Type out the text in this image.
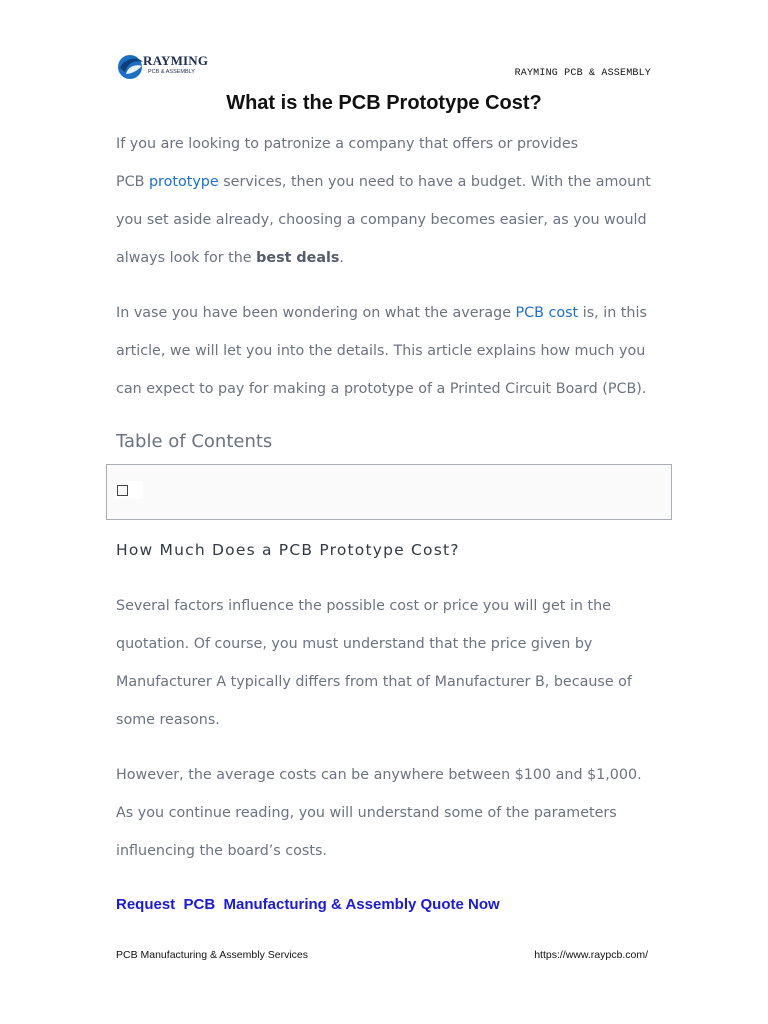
RAYMING
PCB & ASSEMBLY	RAYMING PCB & ASSEMBLY
What is the PCB Prototype Cost?
If you are looking to patronize a company that offers or provides
PCB prototype services, then you need to have a budget. With the amount
you set aside already, choosing a company becomes easier, as you would
always look for the best deals.
In vase you have been wondering on what the average PCB cost is, in this
article, we will let you into the details. This article explains how much you
can expect to pay for making a prototype of a Printed Circuit Board (PCB).
Table of Contents
How Much Does a PCB Prototype Cost?
Several factors influence the possible cost or price you will get in the
quotation. Of course, you must understand that the price given by
Manufacturer A typically differs from that of Manufacturer B, because of
some reasons.
However, the average costs can be anywhere between $100 and $1,000.
As you continue reading, you will understand some of the parameters
influencing the board’s costs.
Request  PCB  Manufacturing & Assembly Quote Now
PCB Manufacturing & Assembly Services	https://www.raypcb.com/
